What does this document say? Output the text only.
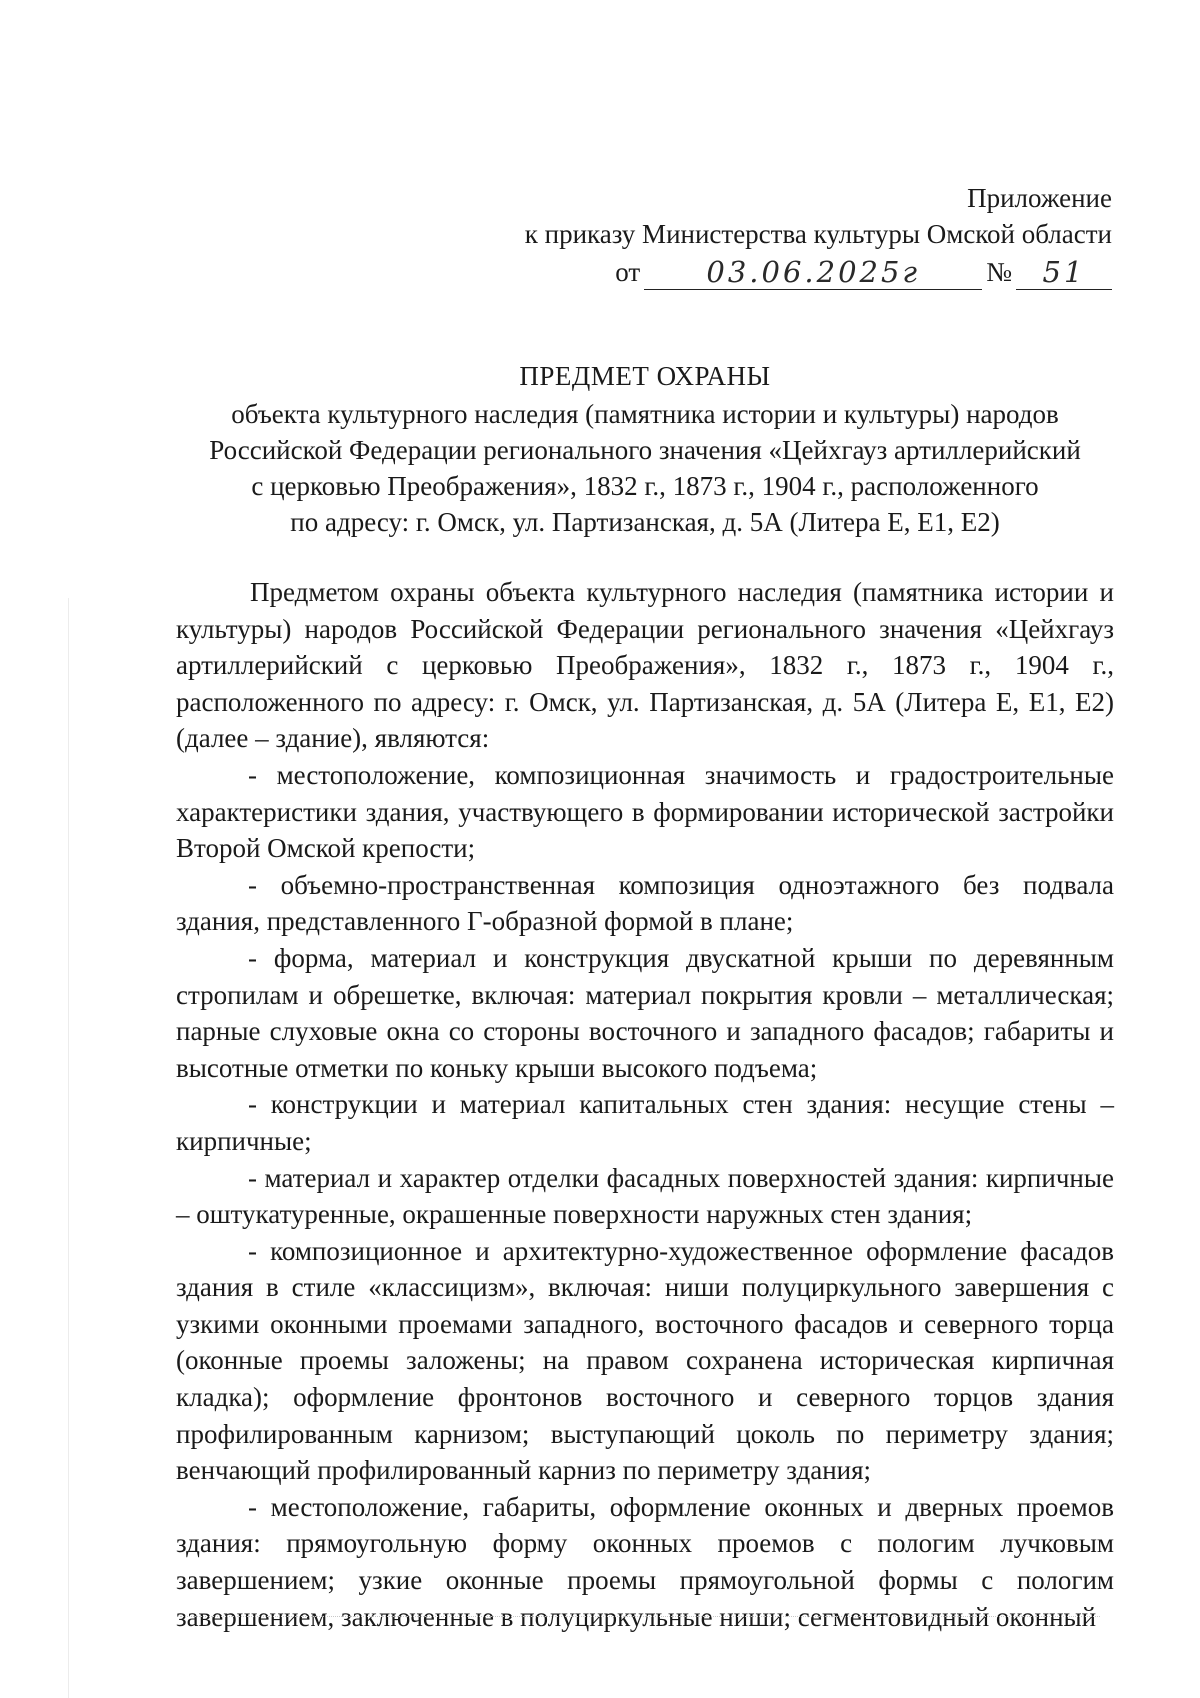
Приложение
к приказу Министерства культуры Омской области
от	03.06.2025г	№	51
ПРЕДМЕТ ОХРАНЫ
объекта культурного наследия (памятника истории и культуры) народов
Российской Федерации регионального значения «Цейхгауз артиллерийский
с церковью Преображения», 1832 г., 1873 г., 1904 г., расположенного
по адресу: г. Омск, ул. Партизанская, д. 5А (Литера Е, Е1, Е2)

Предметом охраны объекта культурного наследия (памятника истории и культуры) народов Российской Федерации регионального значения «Цейхгауз артиллерийский с церковью Преображения», 1832 г., 1873 г., 1904 г., расположенного по адресу: г. Омск, ул. Партизанская, д. 5А (Литера Е, Е1, Е2) (далее – здание), являются:

- местоположение, композиционная значимость и градостроительные характеристики здания, участвующего в формировании исторической застройки Второй Омской крепости;

- объемно-пространственная композиция одноэтажного без подвала здания, представленного Г-образной формой в плане;

- форма, материал и конструкция двускатной крыши по деревянным стропилам и обрешетке, включая: материал покрытия кровли – металлическая; парные слуховые окна со стороны восточного и западного фасадов; габариты и высотные отметки по коньку крыши высокого подъема;

- конструкции и материал капитальных стен здания: несущие стены – кирпичные;

- материал и характер отделки фасадных поверхностей здания: кирпичные – оштукатуренные, окрашенные поверхности наружных стен здания;

- композиционное и архитектурно-художественное оформление фасадов здания в стиле «классицизм», включая: ниши полуциркульного завершения с узкими оконными проемами западного, восточного фасадов и северного торца (оконные проемы заложены; на правом сохранена историческая кирпичная кладка); оформление фронтонов восточного и северного торцов здания профилированным карнизом; выступающий цоколь по периметру здания; венчающий профилированный карниз по периметру здания;

- местоположение, габариты, оформление оконных и дверных проемов здания: прямоугольную форму оконных проемов с пологим лучковым завершением; узкие оконные проемы прямоугольной формы с пологим завершением, заключенные в полуциркульные ниши; сегментовидный оконный
